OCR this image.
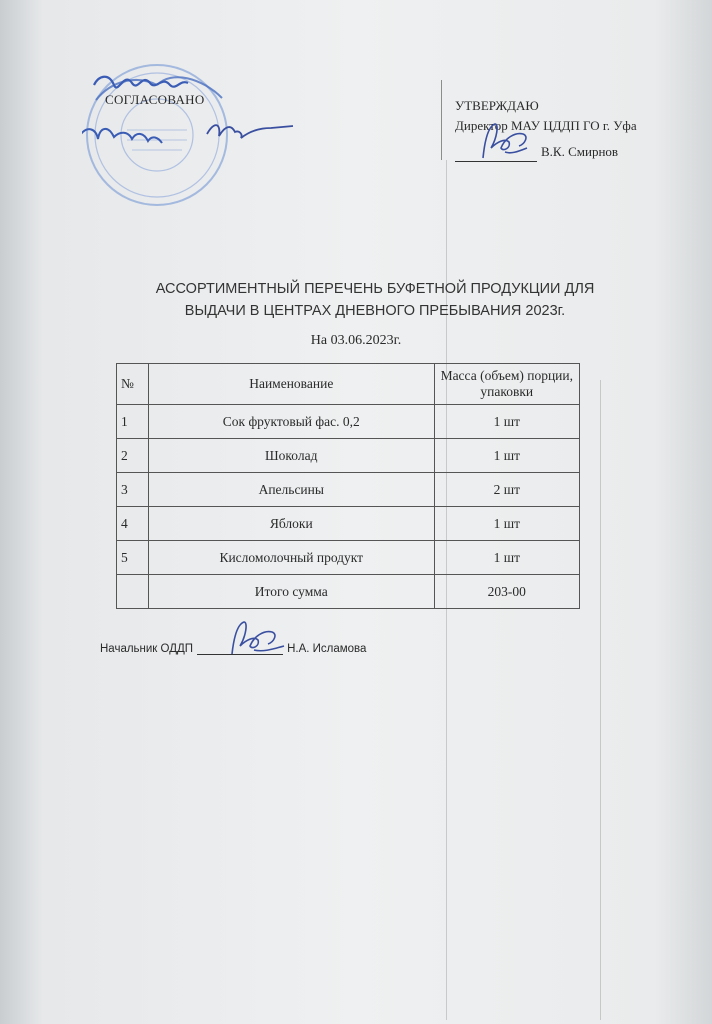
СОГЛАСОВАНО	УТВЕРЖДАЮ
Директор МАУ ЦДДП ГО г. Уфа
В.К. Смирнов
АССОРТИМЕНТНЫЙ ПЕРЕЧЕНЬ БУФЕТНОЙ ПРОДУКЦИИ ДЛЯ
ВЫДАЧИ В ЦЕНТРАХ ДНЕВНОГО ПРЕБЫВАНИЯ 2023г.
На 03.06.2023г.
№	Наименование	Масса (объем) порции, упаковки
1	Сок фруктовый фас. 0,2	1 шт
2	Шоколад	1 шт
3	Апельсины	2 шт
4	Яблоки	1 шт
5	Кисломолочный продукт	1 шт
	Итого сумма	203-00
Начальник ОДДП	Н.А. Исламова
